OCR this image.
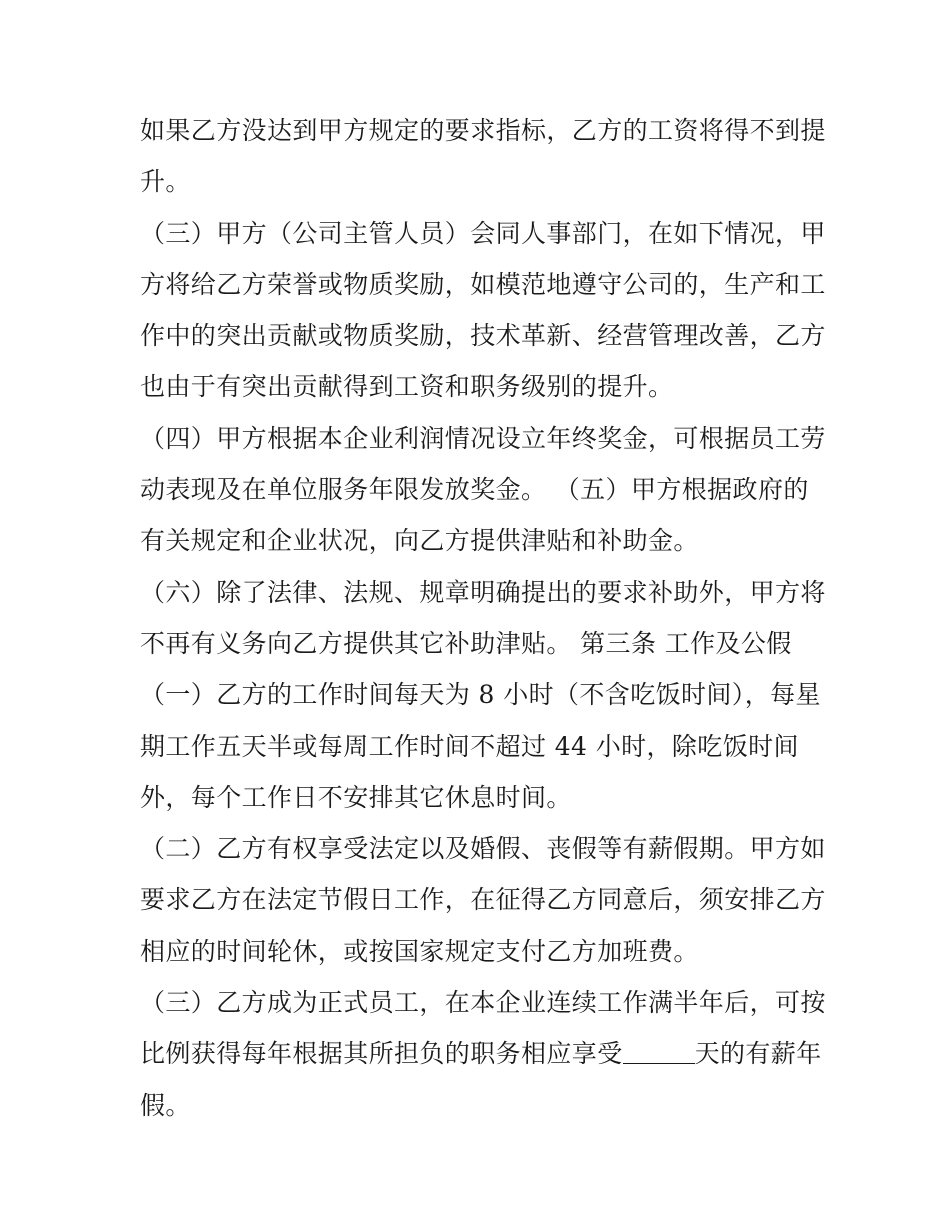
如果乙方没达到甲方规定的要求指标，乙方的工资将得不到提
升。
（三）甲方（公司主管人员）会同人事部门，在如下情况，甲
方将给乙方荣誉或物质奖励，如模范地遵守公司的，生产和工
作中的突出贡献或物质奖励，技术革新、经营管理改善，乙方
也由于有突出贡献得到工资和职务级别的提升。
（四）甲方根据本企业利润情况设立年终奖金，可根据员工劳
动表现及在单位服务年限发放奖金。 （五）甲方根据政府的
有关规定和企业状况，向乙方提供津贴和补助金。
（六）除了法律、法规、规章明确提出的要求补助外，甲方将
不再有义务向乙方提供其它补助津贴。 第三条 工作及公假
（一）乙方的工作时间每天为 8 小时（不含吃饭时间），每星
期工作五天半或每周工作时间不超过 44 小时，除吃饭时间
外，每个工作日不安排其它休息时间。
（二）乙方有权享受法定以及婚假、丧假等有薪假期。甲方如
要求乙方在法定节假日工作，在征得乙方同意后，须安排乙方
相应的时间轮休，或按国家规定支付乙方加班费。
（三）乙方成为正式员工，在本企业连续工作满半年后，可按
比例获得每年根据其所担负的职务相应享受	天的有薪年
假。
